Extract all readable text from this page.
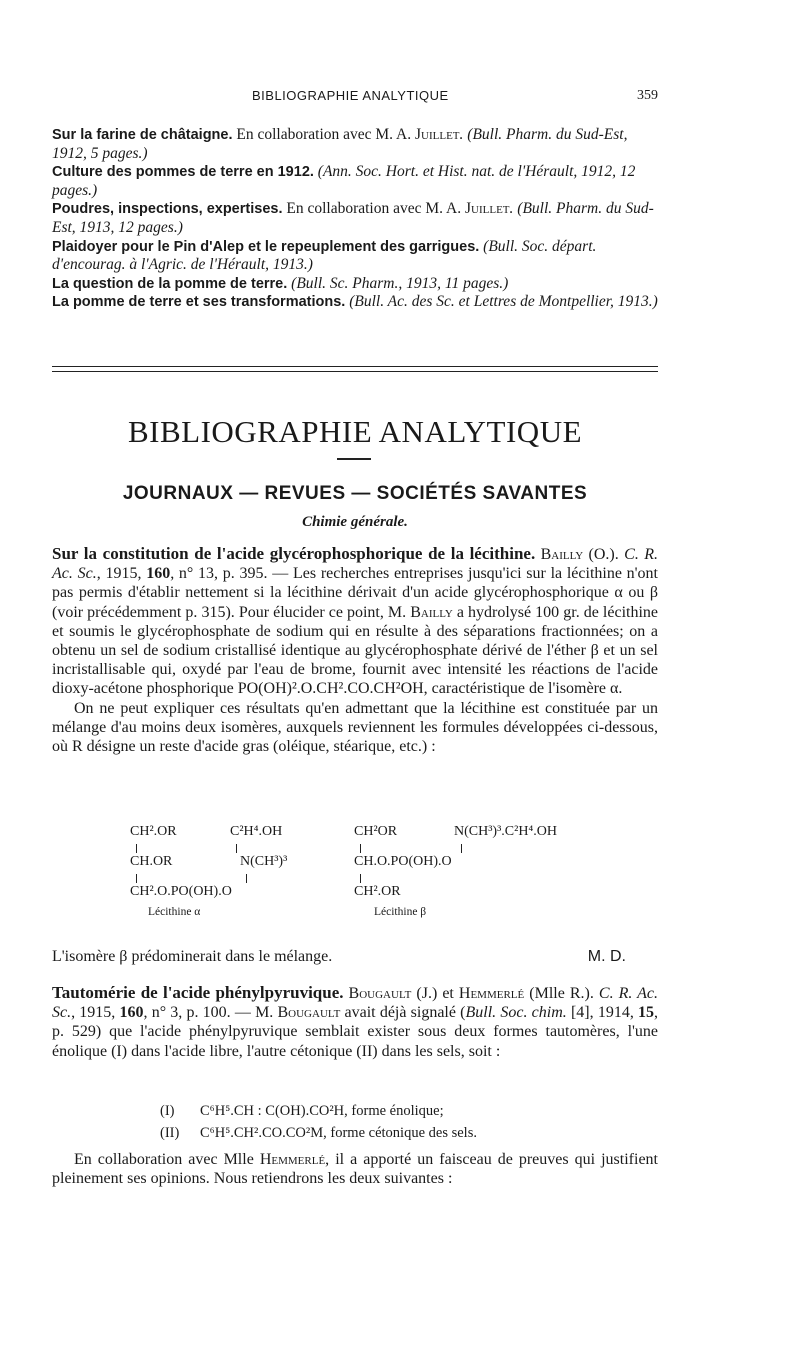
BIBLIOGRAPHIE ANALYTIQUE	359

Sur la farine de châtaigne. En collaboration avec M. A. Juillet. (Bull. Pharm. du Sud-Est, 1912, 5 pages.)

Culture des pommes de terre en 1912. (Ann. Soc. Hort. et Hist. nat. de l'Hérault, 1912, 12 pages.)

Poudres, inspections, expertises. En collaboration avec M. A. Juillet. (Bull. Pharm. du Sud-Est, 1913, 12 pages.)

Plaidoyer pour le Pin d'Alep et le repeuplement des garrigues. (Bull. Soc. départ. d'encourag. à l'Agric. de l'Hérault, 1913.)

La question de la pomme de terre. (Bull. Sc. Pharm., 1913, 11 pages.)

La pomme de terre et ses transformations. (Bull. Ac. des Sc. et Lettres de Montpellier, 1913.)

BIBLIOGRAPHIE ANALYTIQUE
JOURNAUX — REVUES — SOCIÉTÉS SAVANTES
Chimie générale.
Sur la constitution de l'acide glycérophosphorique de la lécithine. Bailly (O.). C. R. Ac. Sc., 1915, 160, n° 13, p. 395. — Les recherches entreprises jusqu'ici sur la lécithine n'ont pas permis d'établir nettement si la lécithine dérivait d'un acide glycérophosphorique α ou β (voir précédemment p. 315). Pour élucider ce point, M. Bailly a hydrolysé 100 gr. de lécithine et soumis le glycérophosphate de sodium qui en résulte à des séparations fractionnées; on a obtenu un sel de sodium cristallisé identique au glycérophosphate dérivé de l'éther β et un sel incristallisable qui, oxydé par l'eau de brome, fournit avec intensité les réactions de l'acide dioxy-acétone phosphorique PO(OH)².O.CH².CO.CH²OH, caractéristique de l'isomère α.
On ne peut expliquer ces résultats qu'en admettant que la lécithine est constituée par un mélange d'au moins deux isomères, auxquels reviennent les formules développées ci-dessous, où R désigne un reste d'acide gras (oléique, stéarique, etc.) :
CH².OR
CH.OR
CH².O.PO(OH).O
C²H⁴.OH
N(CH³)³
Lécithine α
CH²OR
CH.O.PO(OH).O
CH².OR
N(CH³)³.C²H⁴.OH
Lécithine β
L'isomère β prédominerait dans le mélange.	M. D.
Tautomérie de l'acide phénylpyruvique. Bougault (J.) et Hemmerlé (Mlle R.). C. R. Ac. Sc., 1915, 160, n° 3, p. 100. — M. Bougault avait déjà signalé (Bull. Soc. chim. [4], 1914, 15, p. 529) que l'acide phénylpyruvique semblait exister sous deux formes tautomères, l'une énolique (I) dans l'acide libre, l'autre cétonique (II) dans les sels, soit :
(I) C⁶H⁵.CH : C(OH).CO²H, forme énolique;
(II) C⁶H⁵.CH².CO.CO²M, forme cétonique des sels.
En collaboration avec Mlle Hemmerlé, il a apporté un faisceau de preuves qui justifient pleinement ses opinions. Nous retiendrons les deux suivantes :
